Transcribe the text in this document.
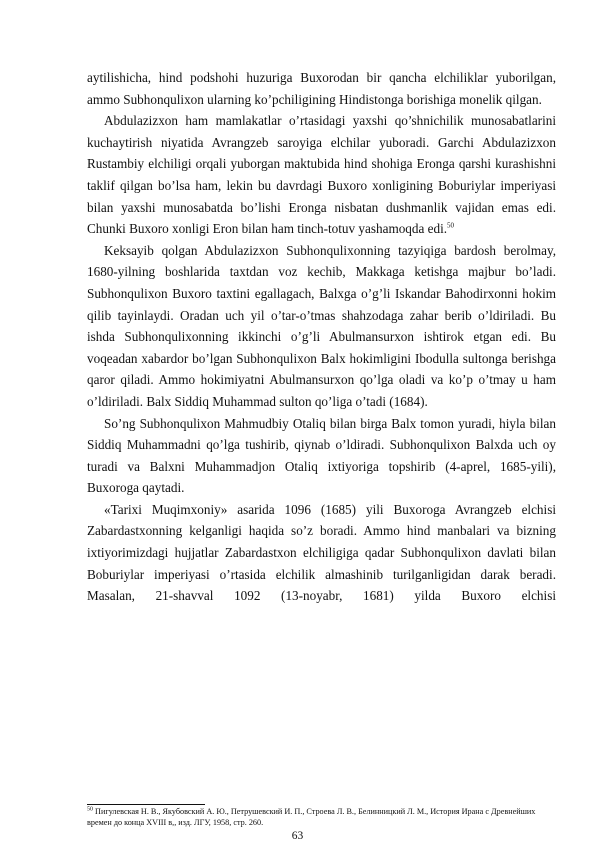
aytilishicha, hind podshohi huzuriga Buxorodan bir qancha elchiliklar yuborilgan, ammo Subhonqulixon ularning ko’pchiligining Hindistonga borishiga monelik qilgan.

Abdulazizxon ham mamlakatlar o’rtasidagi yaxshi qo’shnichilik munosabatlarini kuchaytirish niyatida Avrangzeb saroyiga elchilar yuboradi. Garchi Abdulazizxon Rustambiy elchiligi orqali yuborgan maktubida hind shohiga Eronga qarshi kurashishni taklif qilgan bo’lsa ham, lekin bu davrdagi Buxoro xonligining Boburiylar imperiyasi bilan yaxshi munosabatda bo’lishi Eronga nisbatan dushmanlik vajidan emas edi. Chunki Buxoro xonligi Eron bilan ham tinch-totuv yashamoqda edi.$^{50}$

Keksayib qolgan Abdulazizxon Subhonqulixonning tazyiqiga bardosh berolmay, 1680-yilning boshlarida taxtdan voz kechib, Makkaga ketishga majbur bo’ladi. Subhonqulixon Buxoro taxtini egallagach, Balxga o’g’li Iskandar Bahodirxonni hokim qilib tayinlaydi. Oradan uch yil o’tar-o’tmas shahzodaga zahar berib o’ldiriladi. Bu ishda Subhonqulixonning ikkinchi o’g’li Abulmansurxon ishtirok etgan edi. Bu voqeadan xabardor bo’lgan Subhonqulixon Balx hokimligini Ibodulla sultonga berishga qaror qiladi. Ammo hokimiyatni Abulmansurxon qo’lga oladi va ko’p o’tmay u ham o’ldiriladi. Balx Siddiq Muhammad sulton qo’liga o’tadi (1684).

So’ng Subhonqulixon Mahmudbiy Otaliq bilan birga Balx tomon yuradi, hiyla bilan Siddiq Muhammadni qo’lga tushirib, qiynab o’ldiradi. Subhonqulixon Balxda uch oy turadi va Balxni Muhammadjon Otaliq ixtiyoriga topshirib (4-aprel, 1685-yili), Buxoroga qaytadi.

«Tarixi Muqimxoniy» asarida 1096 (1685) yili Buxoroga Avrangzeb elchisi Zabardastxonning kelganligi haqida so’z boradi. Ammo hind manbalari va bizning ixtiyorimizdagi hujjatlar Zabardastxon elchiligiga qadar Subhonqulixon davlati bilan Boburiylar imperiyasi o’rtasida elchilik almashinib turilganligidan darak beradi. Masalan, 21-shavval 1092 (13-noyabr, 1681) yilda Buxoro elchisi

$^{50}$ Пигулевская Н. В., Якубовский А. Ю., Петрушевский И. П., Строева Л. В., Белинницкий Л. М., История Ирана с Древнейших времен до конца XVIII в,, изд. ЛГУ, 1958, стр. 260.
63
